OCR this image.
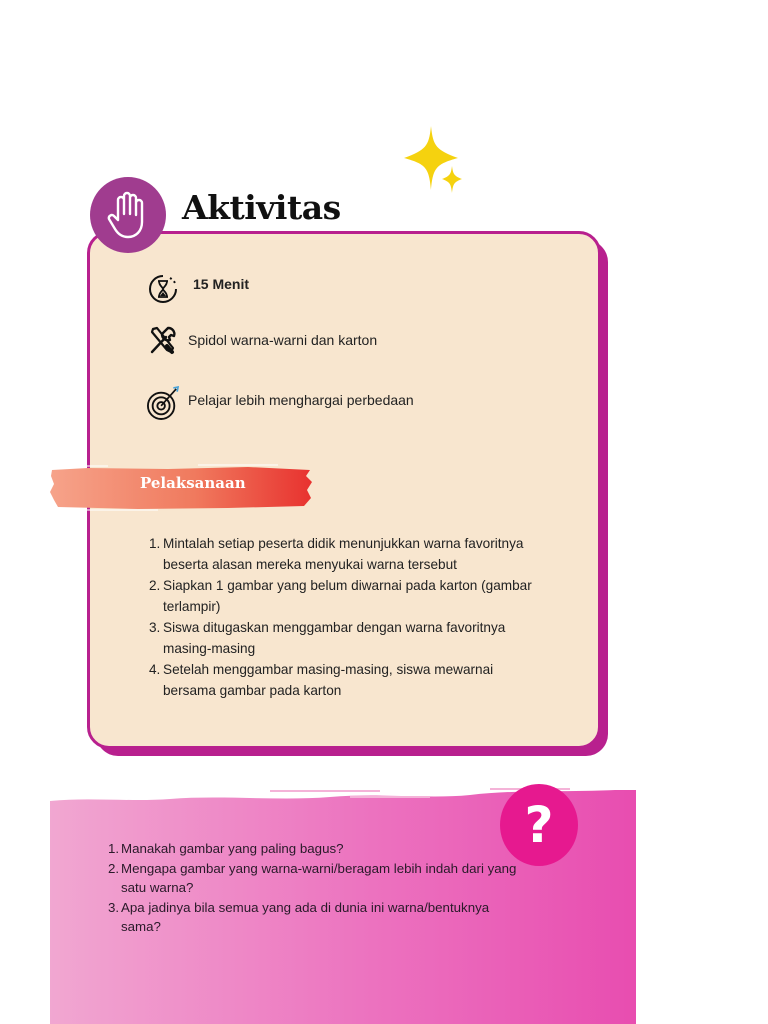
Aktivitas
15 Menit
Spidol warna-warni dan karton
Pelajar lebih menghargai perbedaan

Pelaksanaan

1. Mintalah setiap peserta didik menunjukkan warna favoritnya beserta alasan mereka menyukai warna tersebut
2. Siapkan 1 gambar yang belum diwarnai pada karton (gambar terlampir)
3. Siswa ditugaskan menggambar dengan warna favoritnya masing-masing
4. Setelah menggambar masing-masing, siswa mewarnai bersama gambar pada karton
?
1. Manakah gambar yang paling bagus?
2. Mengapa gambar yang warna-warni/beragam lebih indah dari yang satu warna?
3. Apa jadinya bila semua yang ada di dunia ini warna/bentuknya sama?
